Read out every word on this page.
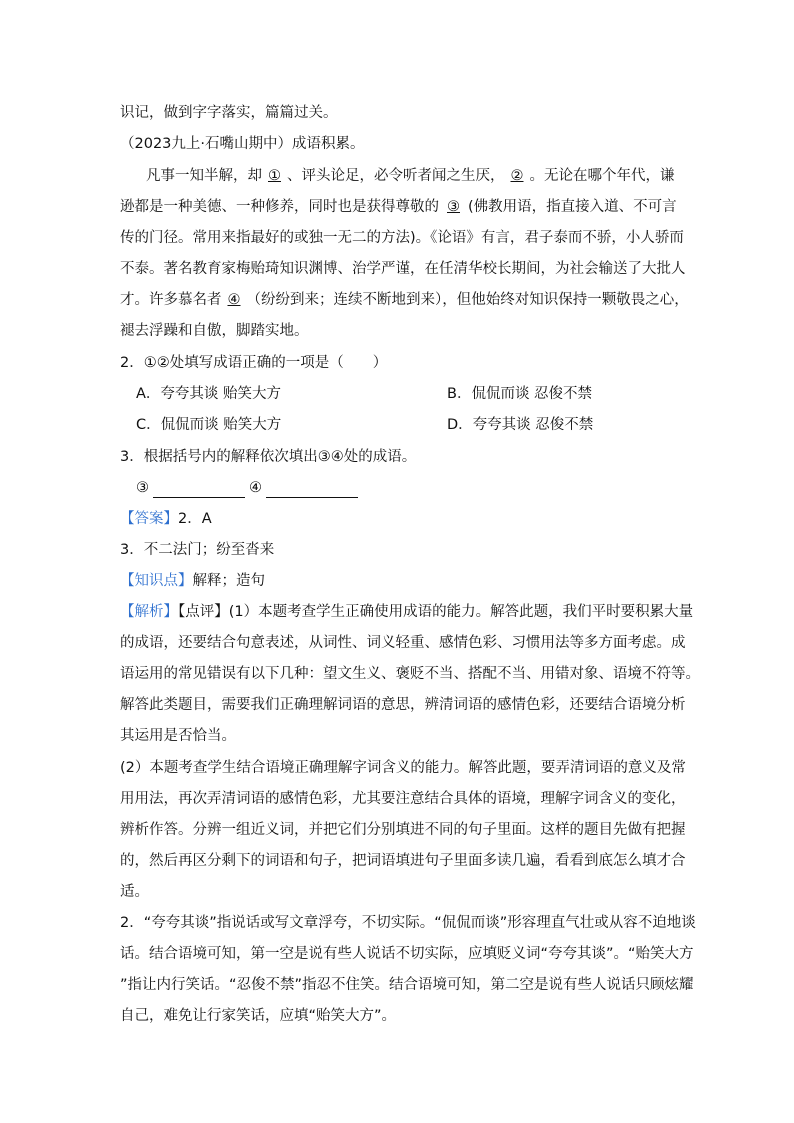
识记，做到字字落实，篇篇过关。
（2023九上·石嘴山期中）成语积累。
凡事一知半解，却 ① 、评头论足，必令听者闻之生厌， ② 。无论在哪个年代，谦
逊都是一种美德、一种修养，同时也是获得尊敬的 ③ (佛教用语，指直接入道、不可言
传的门径。常用来指最好的或独一无二的方法)。《论语》有言，君子泰而不骄，小人骄而
不泰。著名教育家梅贻琦知识渊博、治学严谨，在任清华校长期间，为社会输送了大批人
才。许多慕名者 ④ （纷纷到来；连续不断地到来），但他始终对知识保持一颗敬畏之心，
褪去浮躁和自傲，脚踏实地。
2．①②处填写成语正确的一项是（　　）
A．夸夸其谈 贻笑大方	B．侃侃而谈 忍俊不禁
C．侃侃而谈 贻笑大方	D．夸夸其谈 忍俊不禁
3．根据括号内的解释依次填出③④处的成语。
③	④
【答案】2．A
3．不二法门；纷至沓来
【知识点】解释；造句
【解析】【点评】(1）本题考查学生正确使用成语的能力。解答此题，我们平时要积累大量
的成语，还要结合句意表述，从词性、词义轻重、感情色彩、习惯用法等多方面考虑。成
语运用的常见错误有以下几种：望文生义、褒贬不当、搭配不当、用错对象、语境不符等。
解答此类题目，需要我们正确理解词语的意思，辨清词语的感情色彩，还要结合语境分析
其运用是否恰当。
(2）本题考查学生结合语境正确理解字词含义的能力。解答此题，要弄清词语的意义及常
用用法，再次弄清词语的感情色彩，尤其要注意结合具体的语境，理解字词含义的变化，
辨析作答。分辨一组近义词，并把它们分别填进不同的句子里面。这样的题目先做有把握
的，然后再区分剩下的词语和句子，把词语填进句子里面多读几遍，看看到底怎么填才合
适。
2．“夸夸其谈”指说话或写文章浮夸，不切实际。“侃侃而谈”形容理直气壮或从容不迫地谈
话。结合语境可知，第一空是说有些人说话不切实际，应填贬义词“夸夸其谈”。“贻笑大方
”指让内行笑话。“忍俊不禁”指忍不住笑。结合语境可知，第二空是说有些人说话只顾炫耀
自己，难免让行家笑话，应填“贻笑大方”。
